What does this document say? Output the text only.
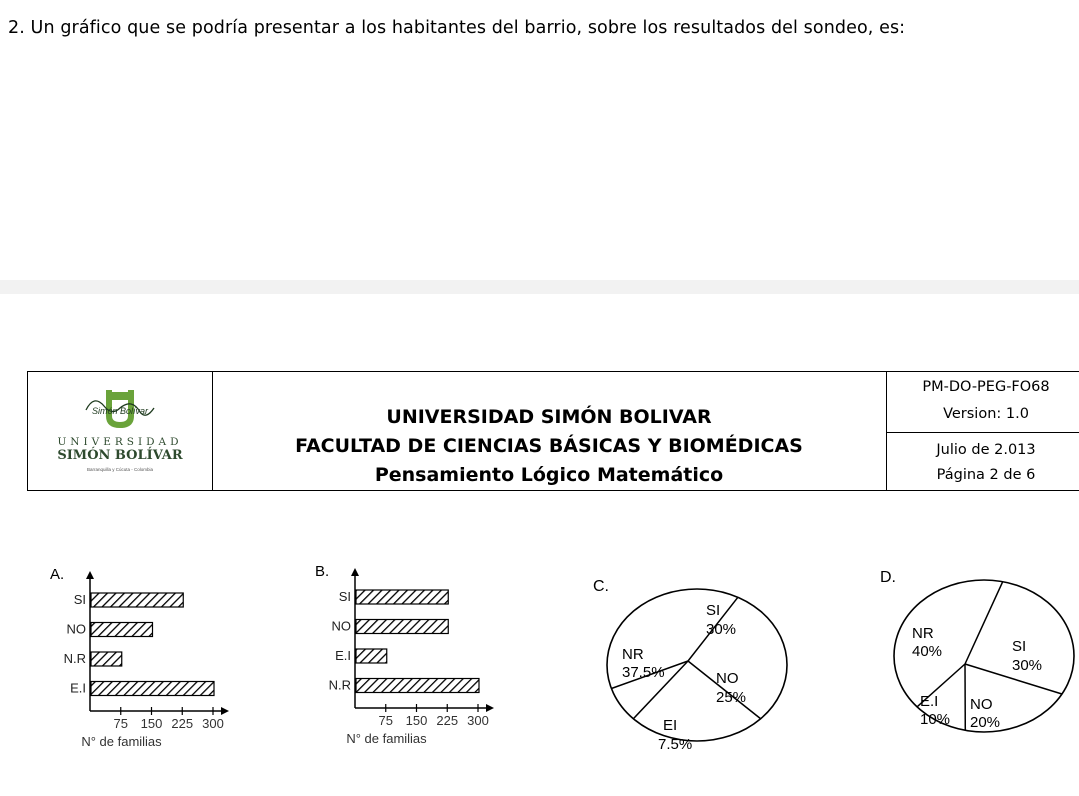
2. Un gráfico que se podría presentar a los habitantes del barrio, sobre los resultados del sondeo, es:
Simón Bolívar
UNIVERSIDAD
SIMÓN BOLÍVAR
Barranquilla y Cúcuta - Colombia
UNIVERSIDAD SIMÓN BOLIVAR
FACULTAD DE CIENCIAS BÁSICAS Y BIOMÉDICAS
Pensamiento Lógico Matemático
PM-DO-PEG-FO68
Version: 1.0
Julio de 2.013
Página 2 de 6
A.
SI
NO
N.R
E.I
75 150 225 300
N° de familias
B.
SI
NO
E.I
N.R
75 150 225 300
N° de familias
C.
SI
30%
NO
25%
EI
7.5%
NR
37.5%
D.
SI
30%
NO
20%
E.I
10%
NR
40%
